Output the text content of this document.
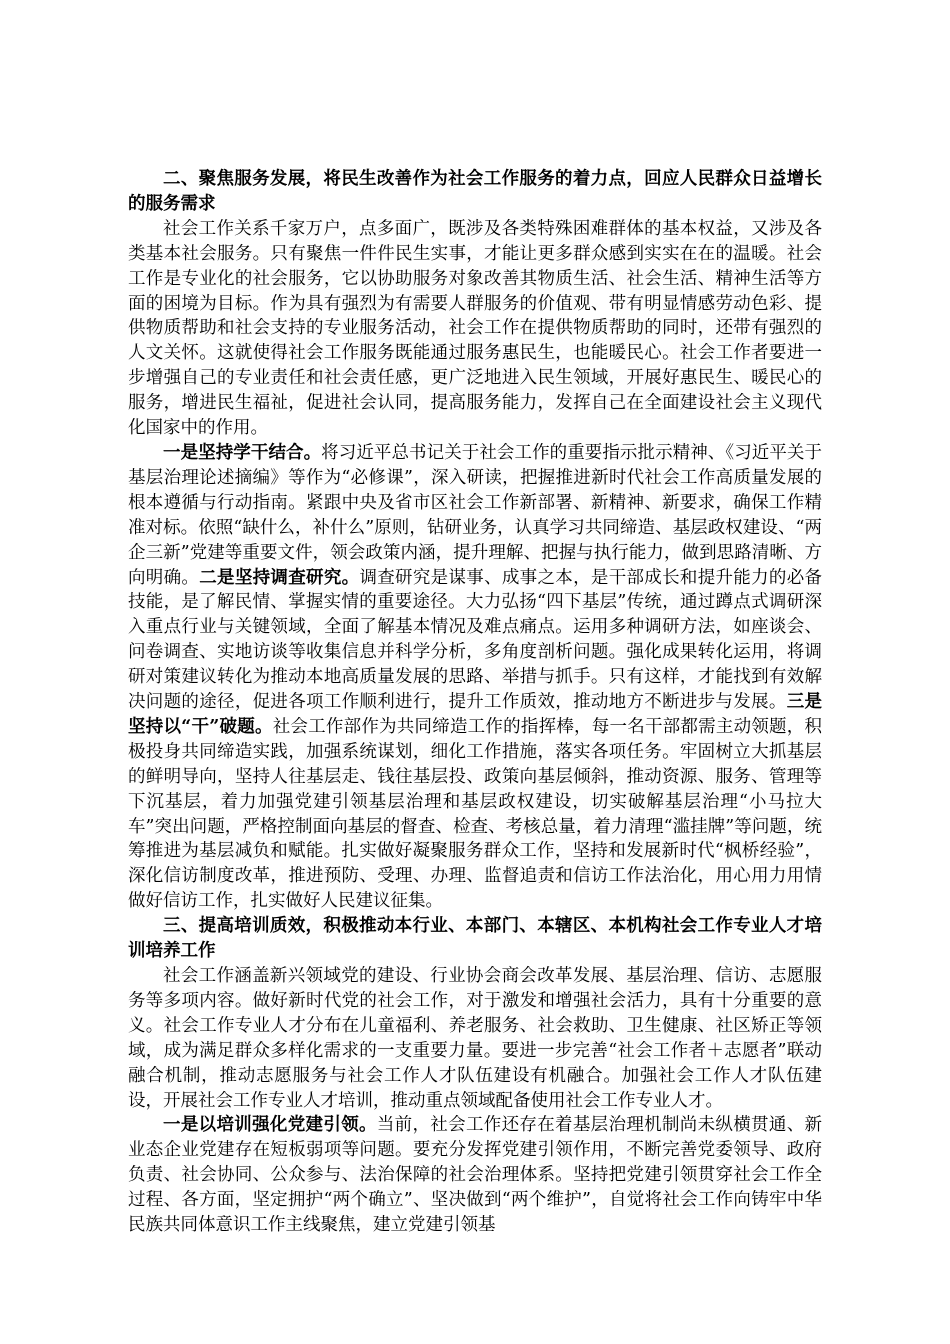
二、聚焦服务发展，将民生改善作为社会工作服务的着力点，回应人民群众日益增长的服务需求

社会工作关系千家万户，点多面广，既涉及各类特殊困难群体的基本权益，又涉及各类基本社会服务。只有聚焦一件件民生实事，才能让更多群众感到实实在在的温暖。社会工作是专业化的社会服务，它以协助服务对象改善其物质生活、社会生活、精神生活等方面的困境为目标。作为具有强烈为有需要人群服务的价值观、带有明显情感劳动色彩、提供物质帮助和社会支持的专业服务活动，社会工作在提供物质帮助的同时，还带有强烈的人文关怀。这就使得社会工作服务既能通过服务惠民生，也能暖民心。社会工作者要进一步增强自己的专业责任和社会责任感，更广泛地进入民生领域，开展好惠民生、暖民心的服务，增进民生福祉，促进社会认同，提高服务能力，发挥自己在全面建设社会主义现代化国家中的作用。

一是坚持学干结合。将习近平总书记关于社会工作的重要指示批示精神、《习近平关于基层治理论述摘编》等作为“必修课”，深入研读，把握推进新时代社会工作高质量发展的根本遵循与行动指南。紧跟中央及省市区社会工作新部署、新精神、新要求，确保工作精准对标。依照“缺什么，补什么”原则，钻研业务，认真学习共同缔造、基层政权建设、“两企三新”党建等重要文件，领会政策内涵，提升理解、把握与执行能力，做到思路清晰、方向明确。二是坚持调查研究。调查研究是谋事、成事之本，是干部成长和提升能力的必备技能，是了解民情、掌握实情的重要途径。大力弘扬“四下基层”传统，通过蹲点式调研深入重点行业与关键领域，全面了解基本情况及难点痛点。运用多种调研方法，如座谈会、问卷调查、实地访谈等收集信息并科学分析，多角度剖析问题。强化成果转化运用，将调研对策建议转化为推动本地高质量发展的思路、举措与抓手。只有这样，才能找到有效解决问题的途径，促进各项工作顺利进行，提升工作质效，推动地方不断进步与发展。三是坚持以“干”破题。社会工作部作为共同缔造工作的指挥棒，每一名干部都需主动领题，积极投身共同缔造实践，加强系统谋划，细化工作措施，落实各项任务。牢固树立大抓基层的鲜明导向，坚持人往基层走、钱往基层投、政策向基层倾斜，推动资源、服务、管理等下沉基层，着力加强党建引领基层治理和基层政权建设，切实破解基层治理“小马拉大车”突出问题，严格控制面向基层的督查、检查、考核总量，着力清理“滥挂牌”等问题，统筹推进为基层减负和赋能。扎实做好凝聚服务群众工作，坚持和发展新时代“枫桥经验”，深化信访制度改革，推进预防、受理、办理、监督追责和信访工作法治化，用心用力用情做好信访工作，扎实做好人民建议征集。

三、提高培训质效，积极推动本行业、本部门、本辖区、本机构社会工作专业人才培训培养工作

社会工作涵盖新兴领域党的建设、行业协会商会改革发展、基层治理、信访、志愿服务等多项内容。做好新时代党的社会工作，对于激发和增强社会活力，具有十分重要的意义。社会工作专业人才分布在儿童福利、养老服务、社会救助、卫生健康、社区矫正等领域，成为满足群众多样化需求的一支重要力量。要进一步完善“社会工作者＋志愿者”联动融合机制，推动志愿服务与社会工作人才队伍建设有机融合。加强社会工作人才队伍建设，开展社会工作专业人才培训，推动重点领域配备使用社会工作专业人才。

一是以培训强化党建引领。当前，社会工作还存在着基层治理机制尚未纵横贯通、新业态企业党建存在短板弱项等问题。要充分发挥党建引领作用，不断完善党委领导、政府负责、社会协同、公众参与、法治保障的社会治理体系。坚持把党建引领贯穿社会工作全过程、各方面，坚定拥护“两个确立”、坚决做到“两个维护”，自觉将社会工作向铸牢中华民族共同体意识工作主线聚焦，建立党建引领基
